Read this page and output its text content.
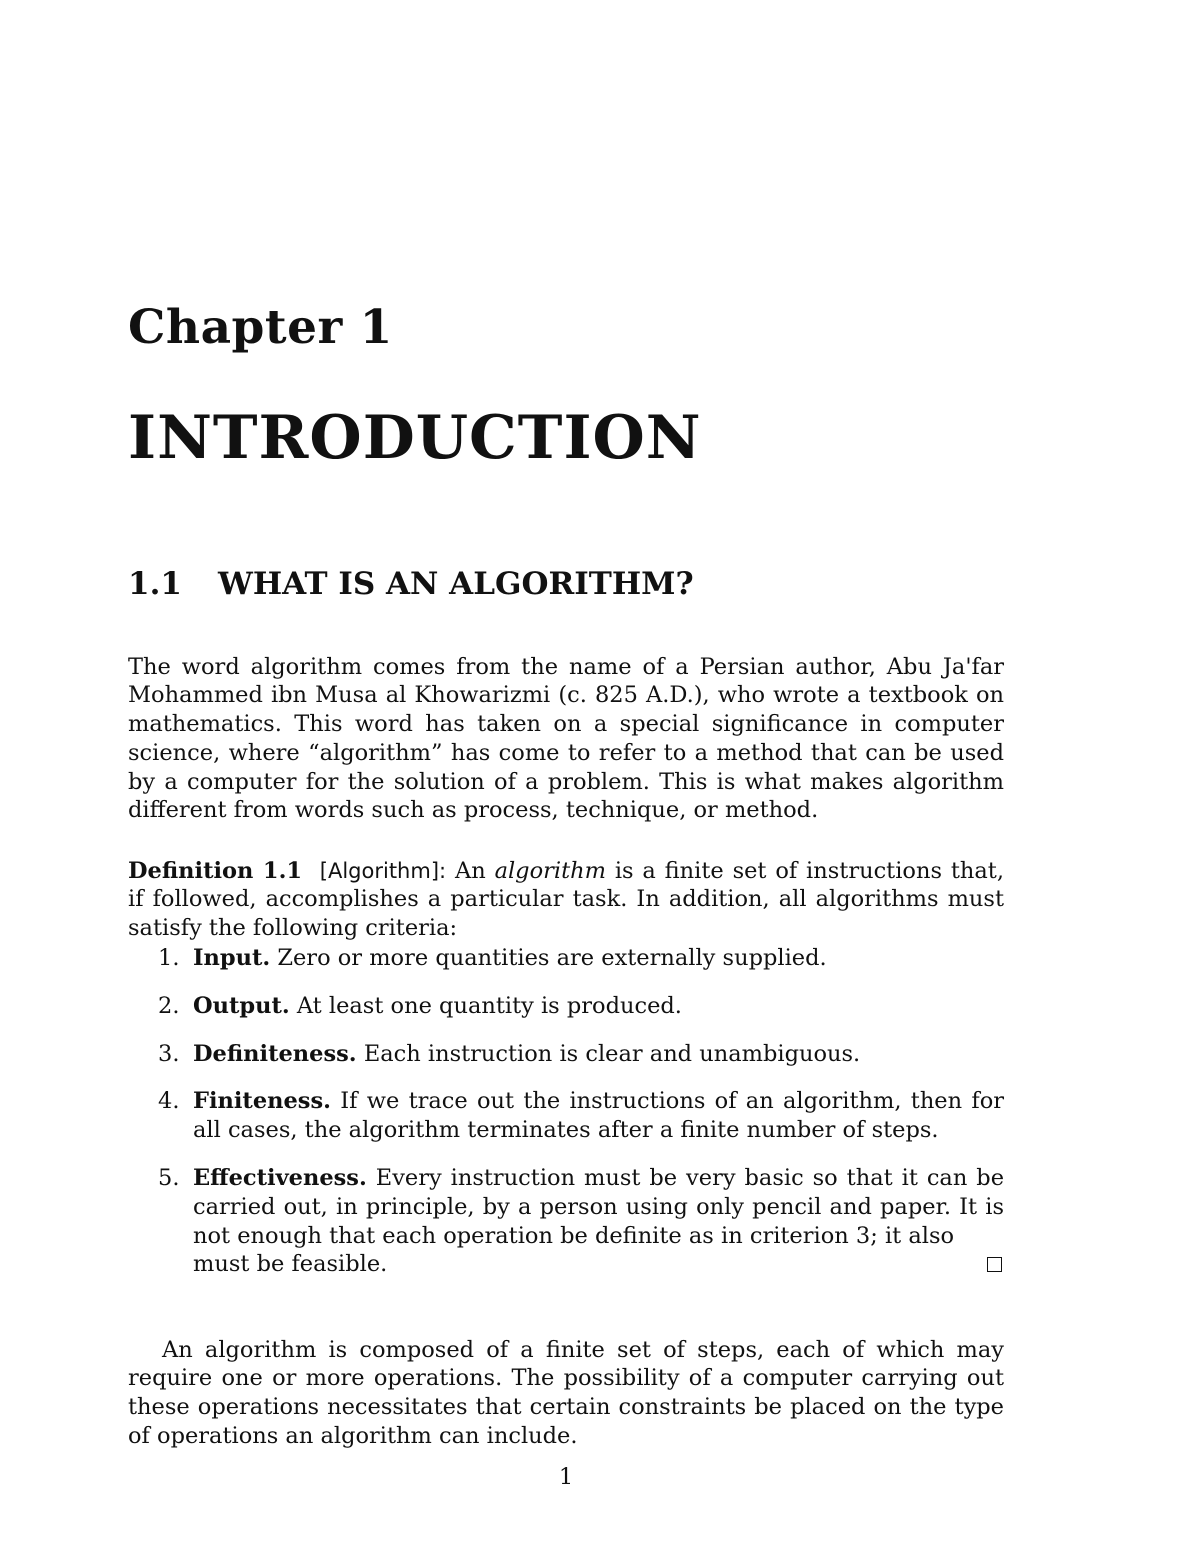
Chapter 1
INTRODUCTION
1.1 WHAT IS AN ALGORITHM?

The word algorithm comes from the name of a Persian author, Abu Ja'far Mohammed ibn Musa al Khowarizmi (c. 825 A.D.), who wrote a textbook on mathematics. This word has taken on a special significance in computer science, where “algorithm” has come to refer to a method that can be used by a computer for the solution of a problem. This is what makes algorithm different from words such as process, technique, or method.

Definition 1.1 [Algorithm]: An algorithm is a finite set of instructions that, if followed, accomplishes a particular task. In addition, all algorithms must satisfy the following criteria:

1. Input. Zero or more quantities are externally supplied.
2. Output. At least one quantity is produced.
3. Definiteness. Each instruction is clear and unambiguous.
4. Finiteness. If we trace out the instructions of an algorithm, then for all cases, the algorithm terminates after a finite number of steps.
5. Effectiveness. Every instruction must be very basic so that it can be carried out, in principle, by a person using only pencil and paper. It is not enough that each operation be definite as in criterion 3; it also
must be feasible.

An algorithm is composed of a finite set of steps, each of which may require one or more operations. The possibility of a computer carrying out these operations necessitates that certain constraints be placed on the type of operations an algorithm can include.

1
